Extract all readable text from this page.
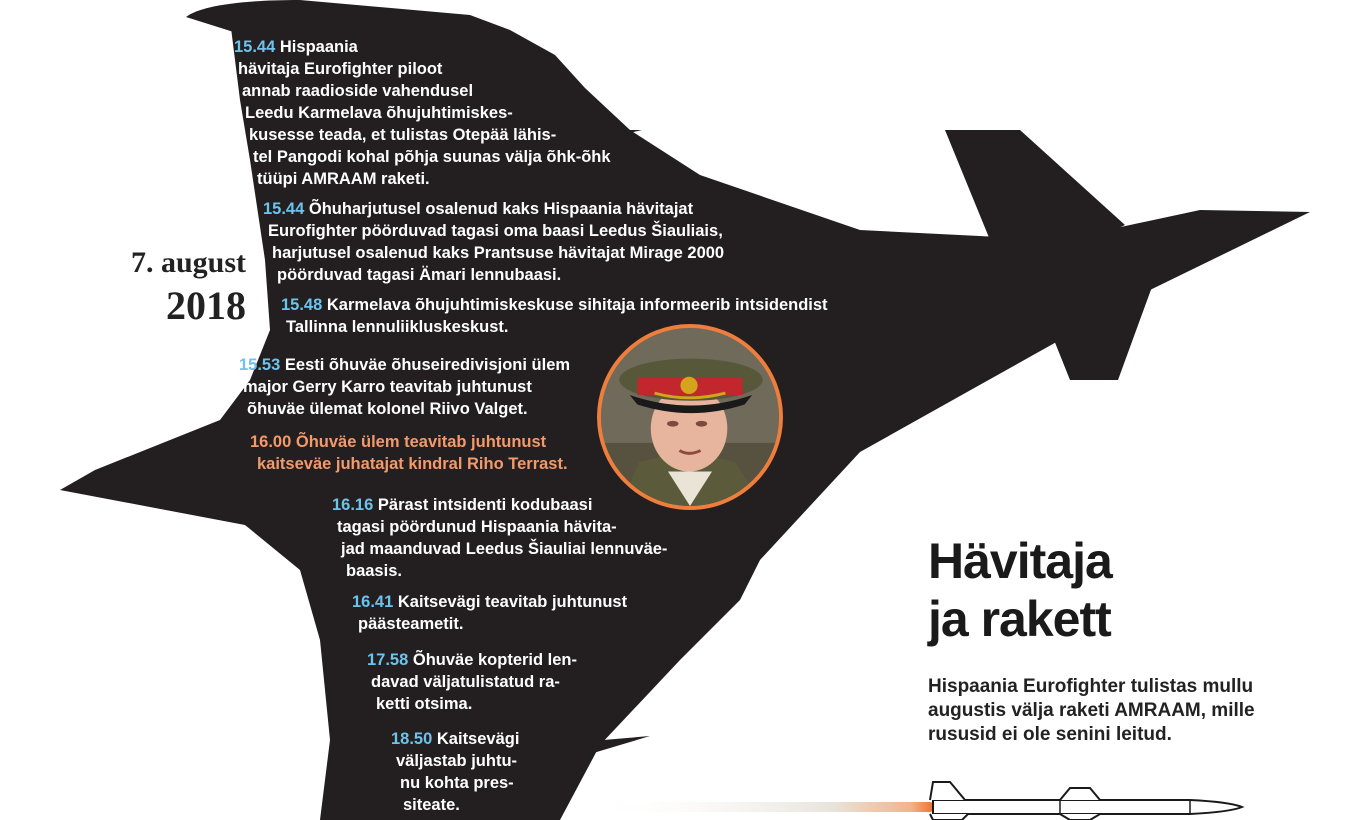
7. august
2018
15.44 Hispaania
hävitaja Eurofighter piloot
annab raadioside vahendusel
Leedu Karmelava õhujuhtimiskes-
kusesse teada, et tulistas Otepää lähis-
tel Pangodi kohal põhja suunas välja õhk-õhk
tüüpi AMRAAM raketi.
15.44 Õhuharjutusel osalenud kaks Hispaania hävitajat
Eurofighter pöörduvad tagasi oma baasi Leedus Šiauliais,
harjutusel osalenud kaks Prantsuse hävitajat Mirage 2000
pöörduvad tagasi Ämari lennubaasi.
15.48 Karmelava õhujuhtimiskeskuse sihitaja informeerib intsidendist
Tallinna lennuliikluskeskust.
15.53 Eesti õhuväe õhuseiredivisjoni ülem
major Gerry Karro teavitab juhtunust
õhuväe ülemat kolonel Riivo Valget.
16.00 Õhuväe ülem teavitab juhtunust
kaitseväe juhatajat kindral Riho Terrast.
16.16 Pärast intsidenti kodubaasi
tagasi pöördunud Hispaania hävita-
jad maanduvad Leedus Šiauliai lennuväe-
baasis.
16.41 Kaitsevägi teavitab juhtunust
päästeametit.
17.58 Õhuväe kopterid len-
davad väljatulistatud ra-
ketti otsima.
18.50 Kaitsevägi
väljastab juhtu-
nu kohta pres-
siteate.
Hävitaja
ja rakett
Hispaania Eurofighter tulistas mullu
augustis välja raketi AMRAAM, mille
rususid ei ole senini leitud.
